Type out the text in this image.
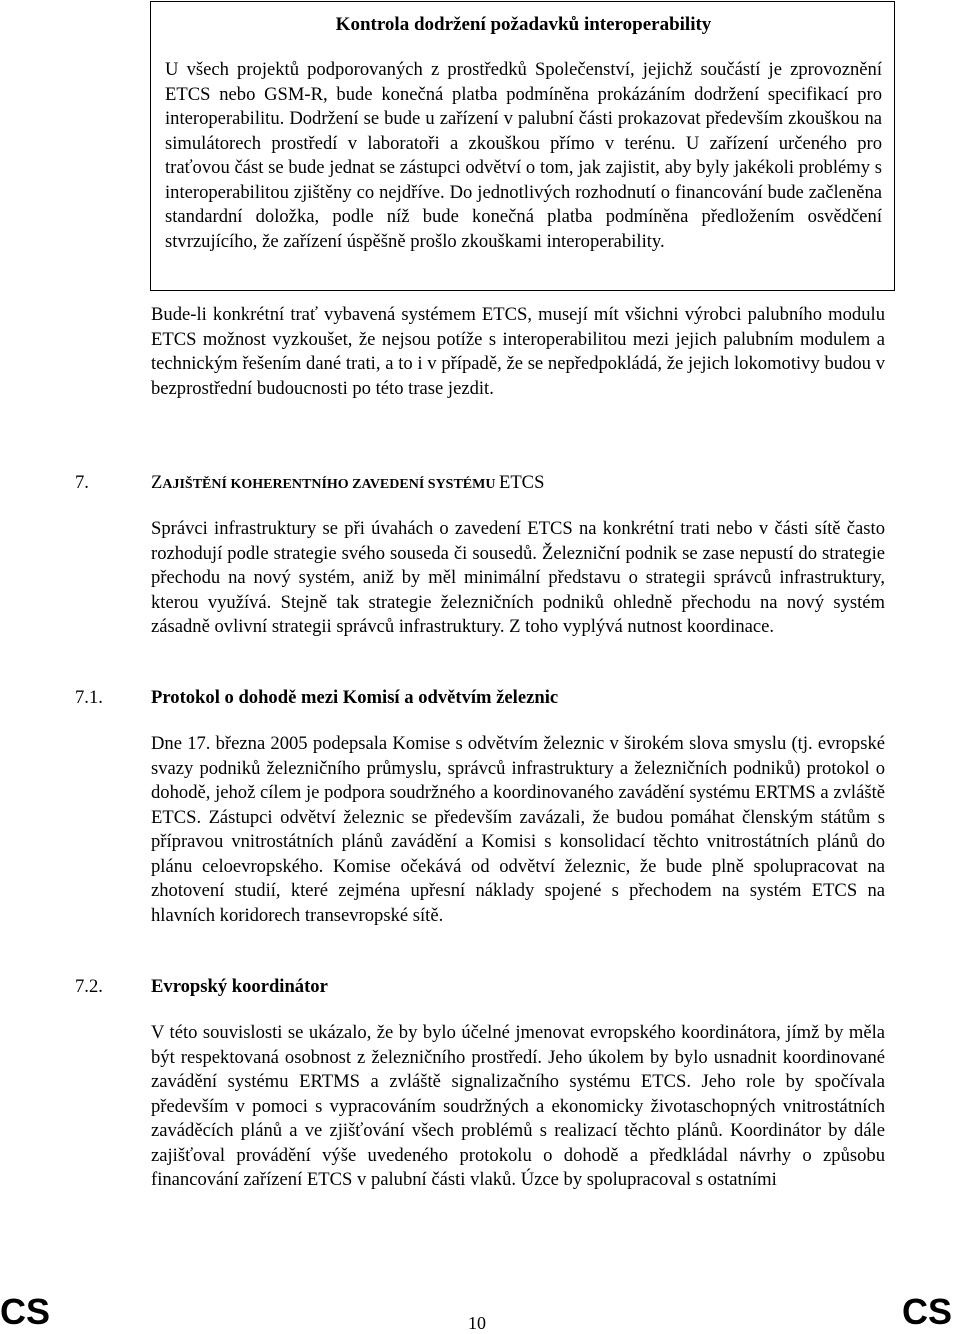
Kontrola dodržení požadavků interoperability

U všech projektů podporovaných z prostředků Společenství, jejichž součástí je zprovoznění ETCS nebo GSM-R, bude konečná platba podmíněna prokázáním dodržení specifikací pro interoperabilitu. Dodržení se bude u zařízení v palubní části prokazovat především zkouškou na simulátorech prostředí v laboratoři a zkouškou přímo v terénu. U zařízení určeného pro traťovou část se bude jednat se zástupci odvětví o tom, jak zajistit, aby byly jakékoli problémy s interoperabilitou zjištěny co nejdříve. Do jednotlivých rozhodnutí o financování bude začleněna standardní doložka, podle níž bude konečná platba podmíněna předložením osvědčení stvrzujícího, že zařízení úspěšně prošlo zkouškami interoperability.

Bude-li konkrétní trať vybavená systémem ETCS, musejí mít všichni výrobci palubního modulu ETCS možnost vyzkoušet, že nejsou potíže s interoperabilitou mezi jejich palubním modulem a technickým řešením dané trati, a to i v případě, že se nepředpokládá, že jejich lokomotivy budou v bezprostřední budoucnosti po této trase jezdit.

7.	ZAJIŠTĚNÍ KOHERENTNÍHO ZAVEDENÍ SYSTÉMU ETCS

Správci infrastruktury se při úvahách o zavedení ETCS na konkrétní trati nebo v části sítě často rozhodují podle strategie svého souseda či sousedů. Železniční podnik se zase nepustí do strategie přechodu na nový systém, aniž by měl minimální představu o strategii správců infrastruktury, kterou využívá. Stejně tak strategie železničních podniků ohledně přechodu na nový systém zásadně ovlivní strategii správců infrastruktury. Z toho vyplývá nutnost koordinace.

7.1.	Protokol o dohodě mezi Komisí a odvětvím železnic

Dne 17. března 2005 podepsala Komise s odvětvím železnic v širokém slova smyslu (tj. evropské svazy podniků železničního průmyslu, správců infrastruktury a železničních podniků) protokol o dohodě, jehož cílem je podpora soudržného a koordinovaného zavádění systému ERTMS a zvláště ETCS. Zástupci odvětví železnic se především zavázali, že budou pomáhat členským státům s přípravou vnitrostátních plánů zavádění a Komisi s konsolidací těchto vnitrostátních plánů do plánu celoevropského. Komise očekává od odvětví železnic, že bude plně spolupracovat na zhotovení studií, které zejména upřesní náklady spojené s přechodem na systém ETCS na hlavních koridorech transevropské sítě.

7.2.	Evropský koordinátor

V této souvislosti se ukázalo, že by bylo účelné jmenovat evropského koordinátora, jímž by měla být respektovaná osobnost z železničního prostředí. Jeho úkolem by bylo usnadnit koordinované zavádění systému ERTMS a zvláště signalizačního systému ETCS. Jeho role by spočívala především v pomoci s vypracováním soudržných a ekonomicky životaschopných vnitrostátních zaváděcích plánů a ve zjišťování všech problémů s realizací těchto plánů. Koordinátor by dále zajišťoval provádění výše uvedeného protokolu o dohodě a předkládal návrhy o způsobu financování zařízení ETCS v palubní části vlaků. Úzce by spolupracoval s ostatními

CS	10	CS
